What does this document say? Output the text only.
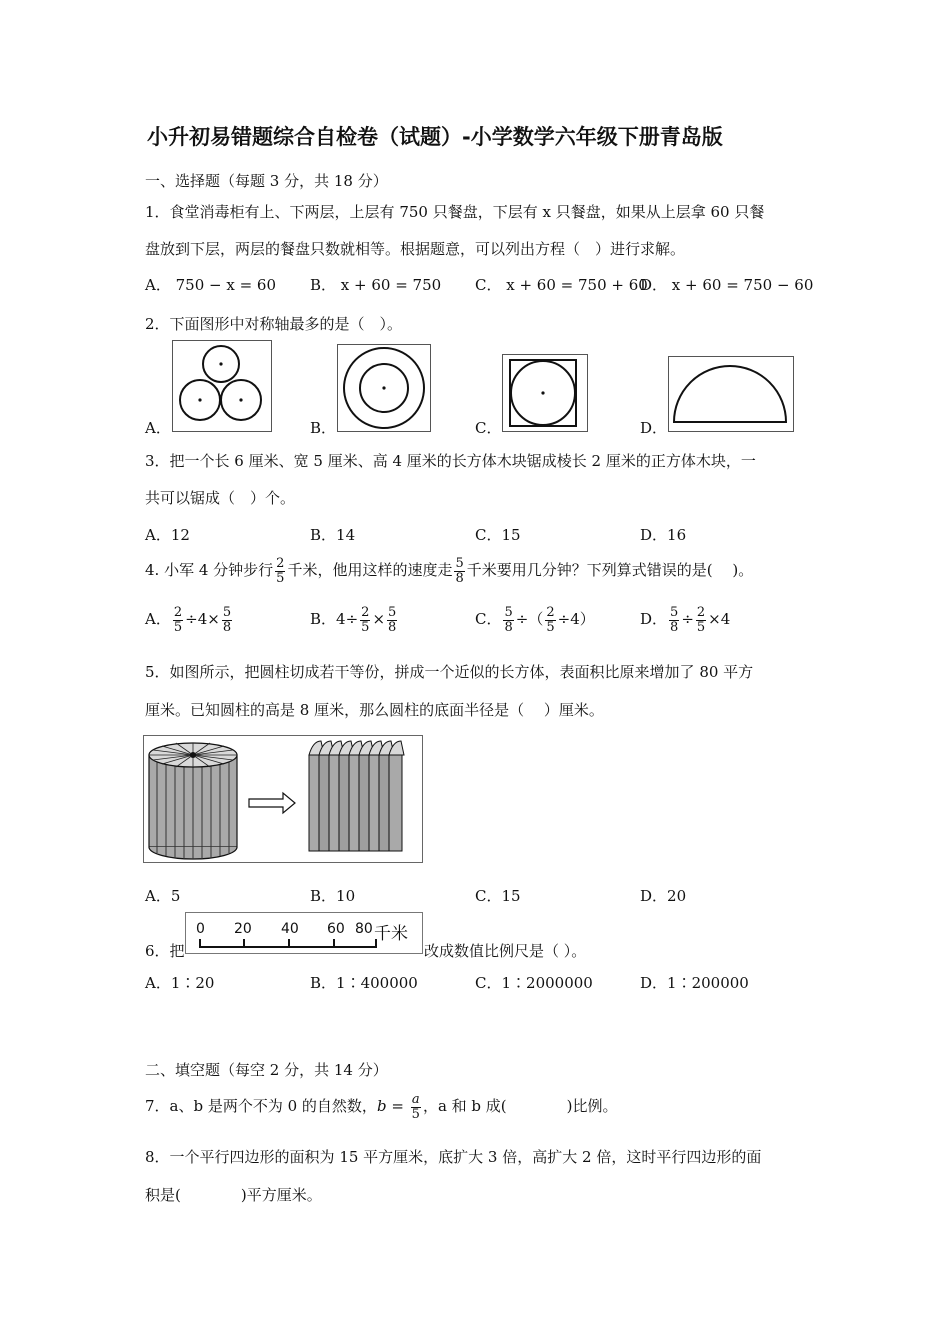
小升初易错题综合自检卷（试题）-小学数学六年级下册青岛版
一、选择题（每题 3 分，共 18 分）
1．食堂消毒柜有上、下两层，上层有 750 只餐盘，下层有 x 只餐盘，如果从上层拿 60 只餐
盘放到下层，两层的餐盘只数就相等。根据题意，可以列出方程（　）进行求解。
A． 750 − x = 60 B． x + 60 = 750 C． x + 60 = 750 + 60
D． x + 60 = 750 − 60
2．下面图形中对称轴最多的是（　）。
A．	B．	C．	D．
3．把一个长 6 厘米、宽 5 厘米、高 4 厘米的长方体木块锯成棱长 2 厘米的正方体木块，一
共可以锯成（　）个。
A．12	B．14	C．15	D．16
4. 小军 4 分钟步行 $\frac{2}{5}$ 千米，他用这样的速度走 $\frac{5}{8}$ 千米要用几分钟？下列算式错误的是(　 )。
A． $\frac{2}{5} \div 4\times \frac{5}{8}$	B．$4\div \frac{2}{5} \times \frac{5}{8}$	C． $\frac{5}{8}$ ÷（ $\frac{2}{5} \div 4$）	D． $\frac{5}{8} \div \frac{2}{5} \times 4$
5．如图所示，把圆柱切成若干等份，拼成一个近似的长方体，表面积比原来增加了 80 平方
厘米。已知圆柱的高是 8 厘米，那么圆柱的底面半径是（　 ）厘米。
A．5	B．10	C．15	D．20
6．把
0 20 40 60 80 千米
改成数值比例尺是（ ）。
A．1∶20	B．1∶400000	C．1∶2000000	D．1∶200000
二、填空题（每空 2 分，共 14 分）
7．a、b 是两个不为 0 的自然数，$b = \frac{a}{5}$ ，a 和 b 成(　　　　)比例。
8．一个平行四边形的面积为 15 平方厘米，底扩大 3 倍，高扩大 2 倍，这时平行四边形的面
积是(　　　　)平方厘米。
